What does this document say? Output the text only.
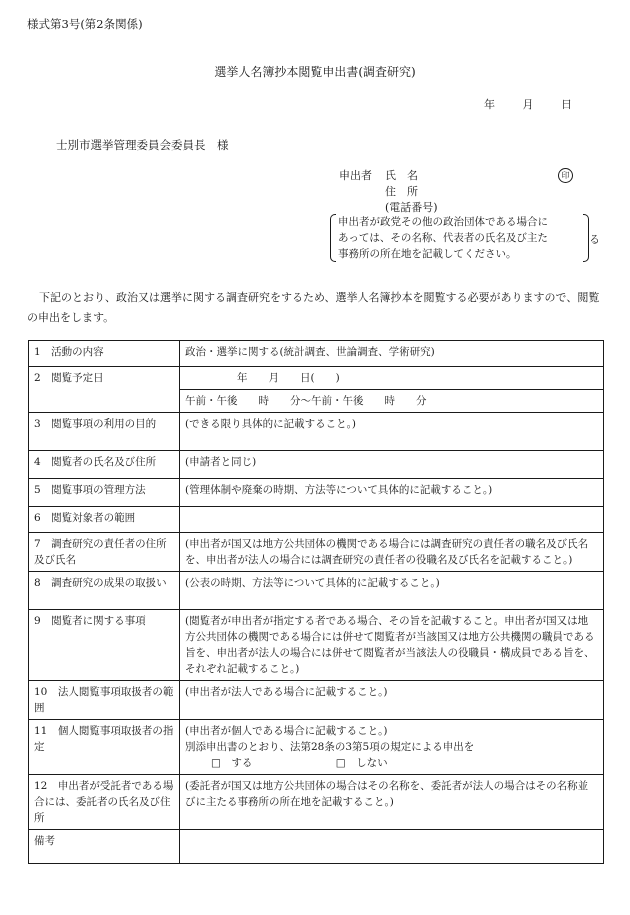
様式第3号(第2条関係)
選挙人名簿抄本閲覧申出書(調査研究)
年	月	日
士別市選挙管理委員会委員長　様
申出者	氏　名
住　所
(電話番号)
印
申出者が政党その他の政治団体である場合に
あっては、その名称、代表者の氏名及び主た
事務所の所在地を記載してください。
る
下記のとおり、政治又は選挙に関する調査研究をするため、選挙人名簿抄本を閲覧する必要がありますので、閲覧の申出をします。
1　活動の内容	政治・選挙に関する(統計調査、世論調査、学術研究)
2　閲覧予定日	年　　月　　日(　　)
午前・午後　　時　　分〜午前・午後　　時　　分

3　閲覧事項の利用の目的	(できる限り具体的に記載すること。)
4　閲覧者の氏名及び住所	(申請者と同じ)
5　閲覧事項の管理方法	(管理体制や廃棄の時期、方法等について具体的に記載すること。)
6　閲覧対象者の範囲	
7　調査研究の責任者の住所及び氏名	(申出者が国又は地方公共団体の機関である場合には調査研究の責任者の職名及び氏名を、申出者が法人の場合には調査研究の責任者の役職名及び氏名を記載すること。)
8　調査研究の成果の取扱い	(公表の時期、方法等について具体的に記載すること。)
9　閲覧者に関する事項	(閲覧者が申出者が指定する者である場合、その旨を記載すること。申出者が国又は地方公共団体の機関である場合には併せて閲覧者が当該国又は地方公共機関の職員である旨を、申出者が法人の場合には併せて閲覧者が当該法人の役職員・構成員である旨を、それぞれ記載すること。)
10　法人閲覧事項取扱者の範囲	(申出者が法人である場合に記載すること。)
11　個人閲覧事項取扱者の指定	(申出者が個人である場合に記載すること。)
別添申出書のとおり、法第28条の3第5項の規定による申出を
□　する □　しない

12　申出者が受託者である場合には、委託者の氏名及び住所	(委託者が国又は地方公共団体の場合はその名称を、委託者が法人の場合はその名称並びに主たる事務所の所在地を記載すること。)
備考	
